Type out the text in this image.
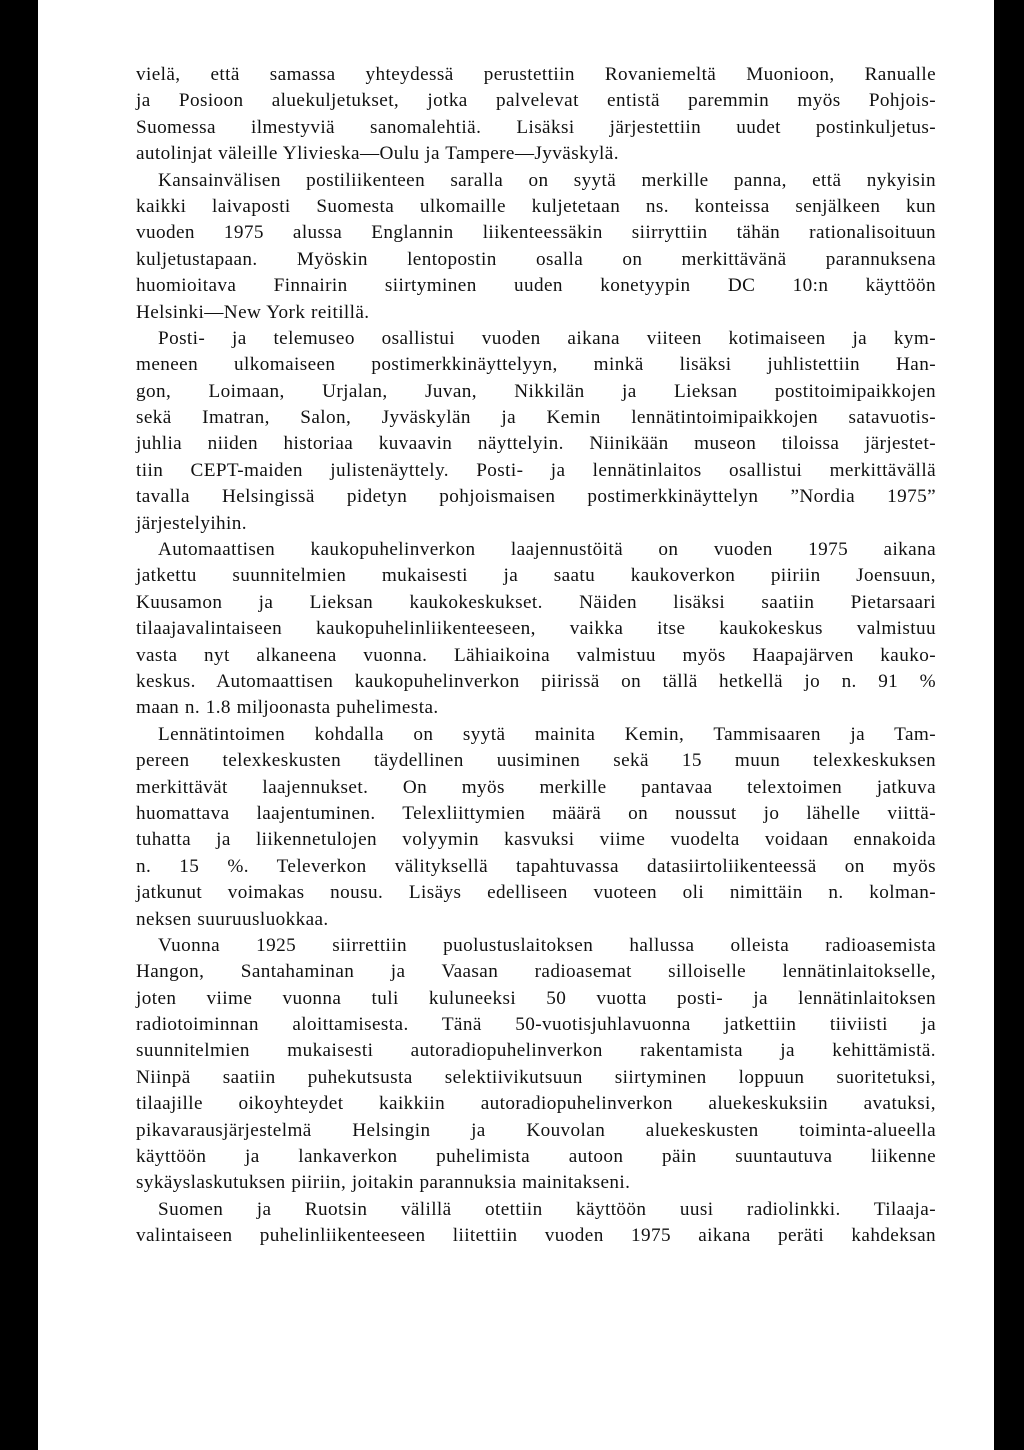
vielä, että samassa yhteydessä perustettiin Rovaniemeltä Muonioon, Ranualle
ja Posioon aluekuljetukset, jotka palvelevat entistä paremmin myös Pohjois-
Suomessa ilmestyviä sanomalehtiä. Lisäksi järjestettiin uudet postinkuljetus-
autolinjat väleille Ylivieska—Oulu ja Tampere—Jyväskylä.
Kansainvälisen postiliikenteen saralla on syytä merkille panna, että nykyisin
kaikki laivaposti Suomesta ulkomaille kuljetetaan ns. konteissa senjälkeen kun
vuoden 1975 alussa Englannin liikenteessäkin siirryttiin tähän rationalisoituun
kuljetustapaan. Myöskin lentopostin osalla on merkittävänä parannuksena
huomioitava Finnairin siirtyminen uuden konetyypin DC 10:n käyttöön
Helsinki—New York reitillä.
Posti- ja telemuseo osallistui vuoden aikana viiteen kotimaiseen ja kym-
meneen ulkomaiseen postimerkkinäyttelyyn, minkä lisäksi juhlistettiin Han-
gon, Loimaan, Urjalan, Juvan, Nikkilän ja Lieksan postitoimipaikkojen
sekä Imatran, Salon, Jyväskylän ja Kemin lennätintoimipaikkojen satavuotis-
juhlia niiden historiaa kuvaavin näyttelyin. Niinikään museon tiloissa järjestet-
tiin CEPT-maiden julistenäyttely. Posti- ja lennätinlaitos osallistui merkittävällä
tavalla Helsingissä pidetyn pohjoismaisen postimerkkinäyttelyn ”Nordia 1975”
järjestelyihin.
Automaattisen kaukopuhelinverkon laajennustöitä on vuoden 1975 aikana
jatkettu suunnitelmien mukaisesti ja saatu kaukoverkon piiriin Joensuun,
Kuusamon ja Lieksan kaukokeskukset. Näiden lisäksi saatiin Pietarsaari
tilaajavalintaiseen kaukopuhelinliikenteeseen, vaikka itse kaukokeskus valmistuu
vasta nyt alkaneena vuonna. Lähiaikoina valmistuu myös Haapajärven kauko-
keskus. Automaattisen kaukopuhelinverkon piirissä on tällä hetkellä jo n. 91 %
maan n. 1.8 miljoonasta puhelimesta.
Lennätintoimen kohdalla on syytä mainita Kemin, Tammisaaren ja Tam-
pereen telexkeskusten täydellinen uusiminen sekä 15 muun telexkeskuksen
merkittävät laajennukset. On myös merkille pantavaa telextoimen jatkuva
huomattava laajentuminen. Telexliittymien määrä on noussut jo lähelle viittä-
tuhatta ja liikennetulojen volyymin kasvuksi viime vuodelta voidaan ennakoida
n. 15 %. Televerkon välityksellä tapahtuvassa datasiirtoliikenteessä on myös
jatkunut voimakas nousu. Lisäys edelliseen vuoteen oli nimittäin n. kolman-
neksen suuruusluokkaa.
Vuonna 1925 siirrettiin puolustuslaitoksen hallussa olleista radioasemista
Hangon, Santahaminan ja Vaasan radioasemat silloiselle lennätinlaitokselle,
joten viime vuonna tuli kuluneeksi 50 vuotta posti- ja lennätinlaitoksen
radiotoiminnan aloittamisesta. Tänä 50-vuotisjuhlavuonna jatkettiin tiiviisti ja
suunnitelmien mukaisesti autoradiopuhelinverkon rakentamista ja kehittämistä.
Niinpä saatiin puhekutsusta selektiivikutsuun siirtyminen loppuun suoritetuksi,
tilaajille oikoyhteydet kaikkiin autoradiopuhelinverkon aluekeskuksiin avatuksi,
pikavarausjärjestelmä Helsingin ja Kouvolan aluekeskusten toiminta-alueella
käyttöön ja lankaverkon puhelimista autoon päin suuntautuva liikenne
sykäyslaskutuksen piiriin, joitakin parannuksia mainitakseni.
Suomen ja Ruotsin välillä otettiin käyttöön uusi radiolinkki. Tilaaja-
valintaiseen puhelinliikenteeseen liitettiin vuoden 1975 aikana peräti kahdeksan
